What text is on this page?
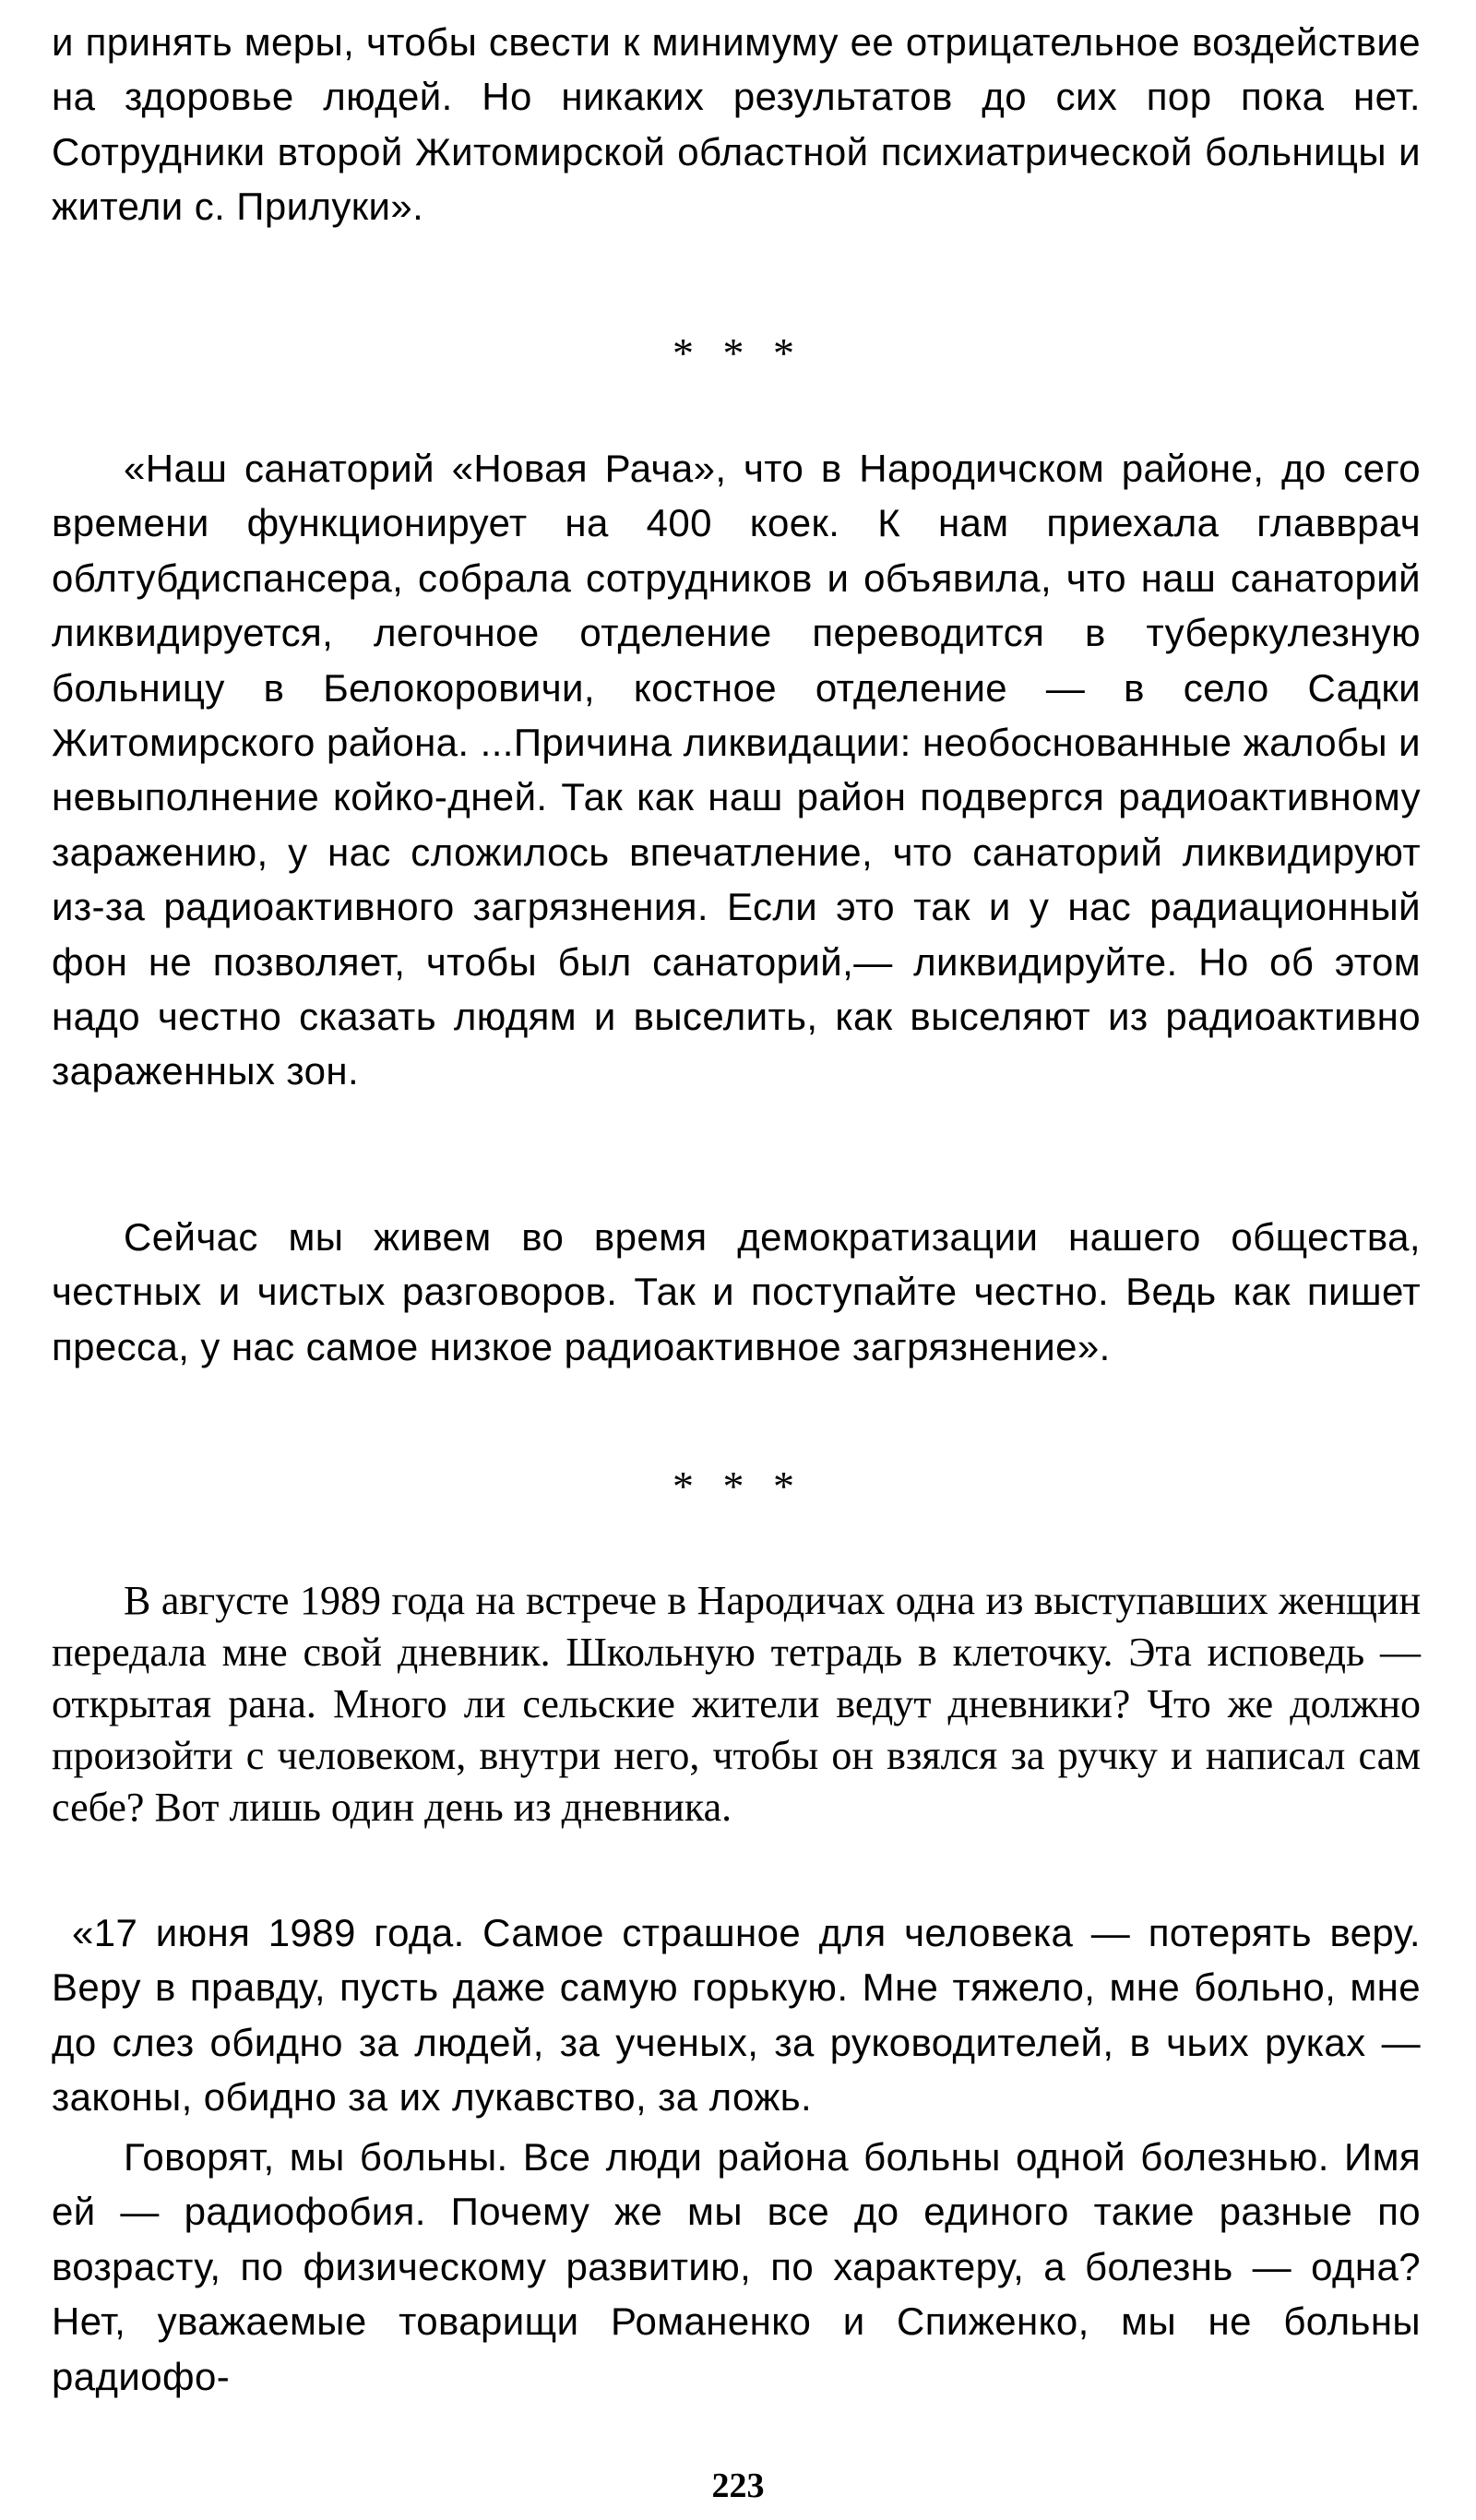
и принять меры, чтобы свести к минимуму ее отрицательное воздействие на здоровье людей. Но никаких результатов до сих пор пока нет. Сотрудники второй Житомирской областной психиатрической больницы и жители с. Прилуки».

* * *

«Наш санаторий «Новая Рача», что в Народичском районе, до сего времени функционирует на 400 коек. К нам приехала главврач облтубдиспансера, собрала сотрудников и объявила, что наш санаторий ликвидируется, легочное отделение переводится в туберкулезную больницу в Белокоровичи, костное отделение — в село Садки Житомирского района. ...Причина ликвидации: необоснованные жалобы и невыполнение койко-дней. Так как наш район подвергся радиоактивному заражению, у нас сложилось впечатление, что санаторий ликвидируют из-за радиоактивного загрязнения. Если это так и у нас радиационный фон не позволяет, чтобы был санаторий,— ликвидируйте. Но об этом надо честно сказать людям и выселить, как выселяют из радиоактивно зараженных зон.

Сейчас мы живем во время демократизации нашего общества, честных и чистых разговоров. Так и поступайте честно. Ведь как пишет пресса, у нас самое низкое радиоактивное загрязнение».

* * *

В августе 1989 года на встрече в Народичах одна из выступавших женщин передала мне свой дневник. Школьную тетрадь в клеточку. Эта исповедь — открытая рана. Много ли сельские жители ведут дневники? Что же должно произойти с человеком, внутри него, чтобы он взялся за ручку и написал сам себе? Вот лишь один день из дневника.

«17 июня 1989 года. Самое страшное для человека — потерять веру. Веру в правду, пусть даже самую горькую. Мне тяжело, мне больно, мне до слез обидно за людей, за ученых, за руководителей, в чьих руках — законы, обидно за их лукавство, за ложь.

Говорят, мы больны. Все люди района больны одной болезнью. Имя ей — радиофобия. Почему же мы все до единого такие разные по возрасту, по физическому развитию, по характеру, а болезнь — одна? Нет, уважаемые товарищи Романенко и Спиженко, мы не больны радиофо-

223
